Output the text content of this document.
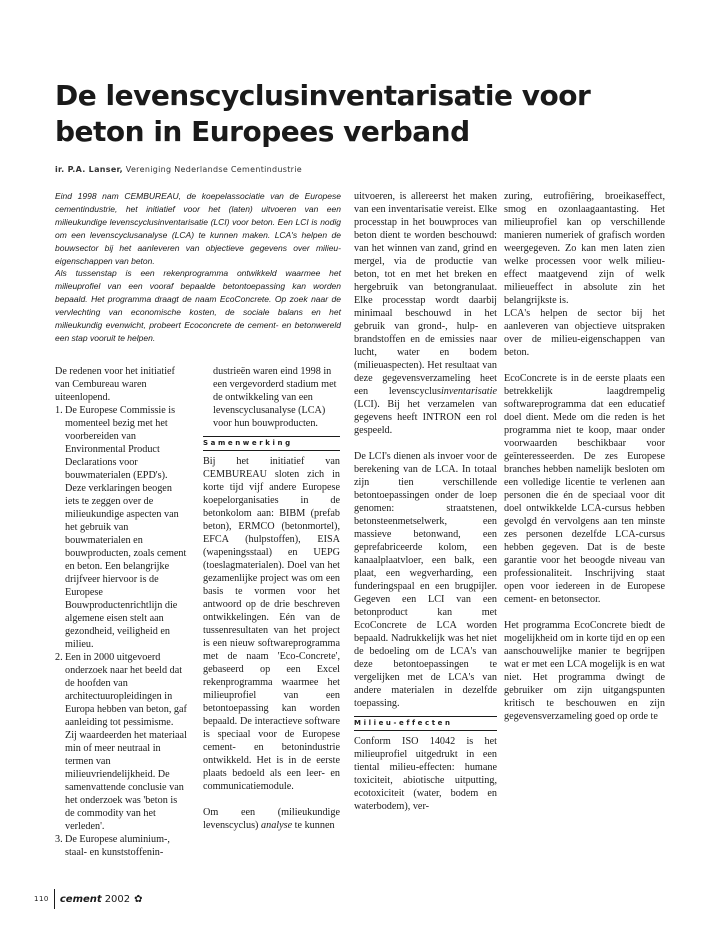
De levenscyclusinventarisatie voor beton in Europees verband
ir. P.A. Lanser, Vereniging Nederlandse Cementindustrie

Eind 1998 nam CEMBUREAU, de koepelassociatie van de Europese cementindustrie, het initiatief voor het (laten) uitvoeren van een milieukundige levenscyclusinventarisatie (LCI) voor beton. Een LCI is nodig om een levenscyclusanalyse (LCA) te kunnen maken. LCA's helpen de bouwsector bij het aanleveren van objectieve gegevens over milieu-eigenschappen van beton.

Als tussenstap is een rekenprogramma ontwikkeld waarmee het milieuprofiel van een vooraf bepaalde betontoepassing kan worden bepaald. Het programma draagt de naam EcoConcrete. Op zoek naar de vervlechting van economische kosten, de sociale balans en het milieukundig evenwicht, probeert Ecoconcrete de cement- en betonwereld een stap vooruit te helpen.

De redenen voor het initiatief van Cembureau waren uiteenlopend.

1. De Europese Commissie is momenteel bezig met het voorbereiden van Environmental Product Declarations voor bouwmaterialen (EPD's). Deze verklaringen beogen iets te zeggen over de milieukundige aspecten van het gebruik van bouwmaterialen en bouwproducten, zoals cement en beton. Een belangrijke drijfveer hiervoor is de Europese Bouwproductenrichtlijn die algemene eisen stelt aan gezondheid, veiligheid en milieu.
2. Een in 2000 uitgevoerd onderzoek naar het beeld dat de hoofden van architectuuropleidingen in Europa hebben van beton, gaf aanleiding tot pessimisme. Zij waardeerden het materiaal min of meer neutraal in termen van milieuvriendelijkheid. De samenvattende conclusie van het onderzoek was 'beton is de commodity van het verleden'.
3. De Europese aluminium-, staal- en kunststoffenin-

dustrieën waren eind 1998 in een vergevorderd stadium met de ontwikkeling van een levenscyclusanalyse (LCA) voor hun bouwproducten.

Samenwerking

Bij het initiatief van CEMBUREAU sloten zich in korte tijd vijf andere Europese koepelorganisaties in de betonkolom aan: BIBM (prefab beton), ERMCO (betonmortel), EFCA (hulpstoffen), EISA (wapeningsstaal) en UEPG (toeslagmaterialen). Doel van het gezamenlijke project was om een basis te vormen voor het antwoord op de drie beschreven ontwikkelingen. Eén van de tussenresultaten van het project is een nieuw softwareprogramma met de naam 'Eco-Concrete', gebaseerd op een Excel rekenprogramma waarmee het milieuprofiel van een betontoepassing kan worden bepaald. De interactieve software is speciaal voor de Europese cement- en betonindustrie ontwikkeld. Het is in de eerste plaats bedoeld als een leer- en communicatiemodule.

Om een (milieukundige levenscyclus) analyse te kunnen

uitvoeren, is allereerst het maken van een inventarisatie vereist. Elke processtap in het bouwproces van beton dient te worden beschouwd: van het winnen van zand, grind en mergel, via de productie van beton, tot en met het breken en hergebruik van betongranulaat. Elke processtap wordt daarbij minimaal beschouwd in het gebruik van grond-, hulp- en brandstoffen en de emissies naar lucht, water en bodem (milieuaspecten). Het resultaat van deze gegevensverzameling heet een levenscyclusinventarisatie (LCI). Bij het verzamelen van gegevens heeft INTRON een rol gespeeld.

De LCI's dienen als invoer voor de berekening van de LCA. In totaal zijn tien verschillende betontoepassingen onder de loep genomen: straatstenen, betonsteenmetselwerk, een massieve betonwand, een geprefabriceerde kolom, een kanaalplaatvloer, een balk, een plaat, een wegverharding, een funderingspaal en een brugpijler. Gegeven een LCI van een betonproduct kan met EcoConcrete de LCA worden bepaald. Nadrukkelijk was het niet de bedoeling om de LCA's van deze betontoepassingen te vergelijken met de LCA's van andere materialen in dezelfde toepassing.

Milieu-effecten

Conform ISO 14042 is het milieuprofiel uitgedrukt in een tiental milieu-effecten: humane toxiciteit, abiotische uitputting, ecotoxiciteit (water, bodem en waterbodem), ver-

zuring, eutrofiëring, broeikaseffect, smog en ozonlaagaantasting. Het milieuprofiel kan op verschillende manieren numeriek of grafisch worden weergegeven. Zo kan men laten zien welke processen voor welk milieu-effect maatgevend zijn of welk milieueffect in absolute zin het belangrijkste is.

LCA's helpen de sector bij het aanleveren van objectieve uitspraken over de milieu-eigenschappen van beton.

EcoConcrete is in de eerste plaats een betrekkelijk laagdrempelig softwareprogramma dat een educatief doel dient. Mede om die reden is het programma niet te koop, maar onder voorwaarden beschikbaar voor geïnteresseerden. De zes Europese branches hebben namelijk besloten om een volledige licentie te verlenen aan personen die én de speciaal voor dit doel ontwikkelde LCA-cursus hebben gevolgd én vervolgens aan ten minste zes personen dezelfde LCA-cursus hebben gegeven. Dat is de beste garantie voor het beoogde niveau van professionaliteit. Inschrijving staat open voor iedereen in de Europese cement- en betonsector.

Het programma EcoConcrete biedt de mogelijkheid om in korte tijd en op een aanschouwelijke manier te begrijpen wat er met een LCA mogelijk is en wat niet. Het programma dwingt de gebruiker om zijn uitgangspunten kritisch te beschouwen en zijn gegevensverzameling goed op orde te

110 cement 2002 ✿
